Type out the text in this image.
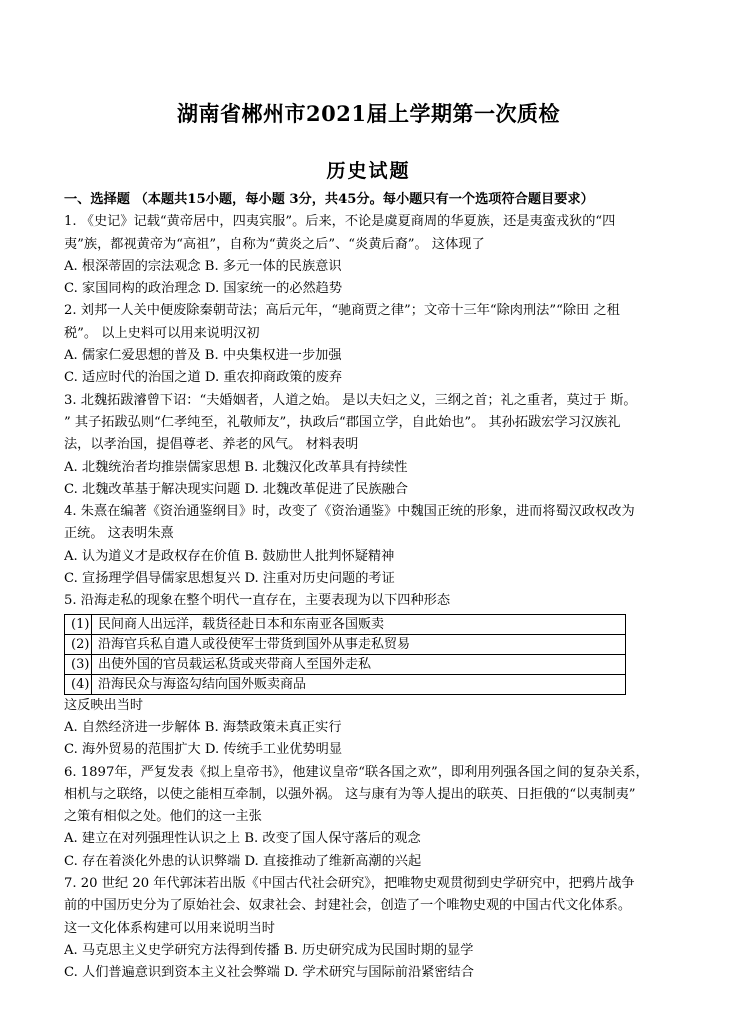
湖南省郴州市2021届上学期第一次质检
历史试题
一、选择题 （本题共15小题，每小题 3分，共45分。每小题只有一个选项符合题目要求）
1. 《史记》记载“黄帝居中，四夷宾服”。后来，不论是虞夏商周的华夏族，还是夷蛮戎狄的“四
夷”族，都视黄帝为“高祖”，自称为“黄炎之后”、“炎黄后裔”。 这体现了
A. 根深蒂固的宗法观念 B. 多元一体的民族意识
C. 家国同构的政治理念 D. 国家统一的必然趋势
2. 刘邦一人关中便废除秦朝苛法；高后元年，“驰商贾之律”；文帝十三年“除肉刑法”“除田 之租
税”。 以上史料可以用来说明汉初
A. 儒家仁爱思想的普及 B. 中央集权进一步加强
C. 适应时代的治国之道 D. 重农抑商政策的废弃
3. 北魏拓跋濬曾下诏：“夫婚姻者，人道之始。 是以夫妇之义，三纲之首；礼之重者，莫过于 斯。
” 其子拓跋弘则“仁孝纯至，礼敬师友”，执政后“郡国立学，自此始也”。 其孙拓跋宏学习汉族礼
法，以孝治国，提倡尊老、养老的风气。 材料表明
A. 北魏统治者均推崇儒家思想 B. 北魏汉化改革具有持续性
C. 北魏改革基于解决现实问题 D. 北魏改革促进了民族融合
4. 朱熹在编著《资治通鉴纲目》时，改变了《资治通鉴》中魏国正统的形象，进而将蜀汉政权改为
正统。 这表明朱熹
A. 认为道义才是政权存在价值 B. 鼓励世人批判怀疑精神
C. 宣扬理学倡导儒家思想复兴 D. 注重对历史问题的考证
5. 沿海走私的现象在整个明代一直存在，主要表现为以下四种形态
(1)	民间商人出远洋，载货径赴日本和东南亚各国贩卖
(2)	沿海官兵私自遣人或役使军士带货到国外从事走私贸易
(3)	出使外国的官员载运私货或夹带商人至国外走私
(4)	沿海民众与海盗勾结向国外贩卖商品
这反映出当时
A. 自然经济进一步解体 B. 海禁政策未真正实行
C. 海外贸易的范围扩大 D. 传统手工业优势明显
6. 1897年，严复发表《拟上皇帝书》，他建议皇帝“联各国之欢”，即利用列强各国之间的复杂关系，
相机与之联络，以使之能相互牵制，以强外祸。 这与康有为等人提出的联英、日拒俄的“以夷制夷”
之策有相似之处。他们的这一主张
A. 建立在对列强理性认识之上 B. 改变了国人保守落后的观念
C. 存在着淡化外患的认识弊端 D. 直接推动了维新高潮的兴起
7. 20 世纪 20 年代郭沫若出版《中国古代社会研究》，把唯物史观贯彻到史学研究中，把鸦片战争
前的中国历史分为了原始社会、奴隶社会、封建社会，创造了一个唯物史观的中国古代文化体系。
这一文化体系构建可以用来说明当时
A. 马克思主义史学研究方法得到传播 B. 历史研究成为民国时期的显学
C. 人们普遍意识到资本主义社会弊端 D. 学术研究与国际前沿紧密结合
